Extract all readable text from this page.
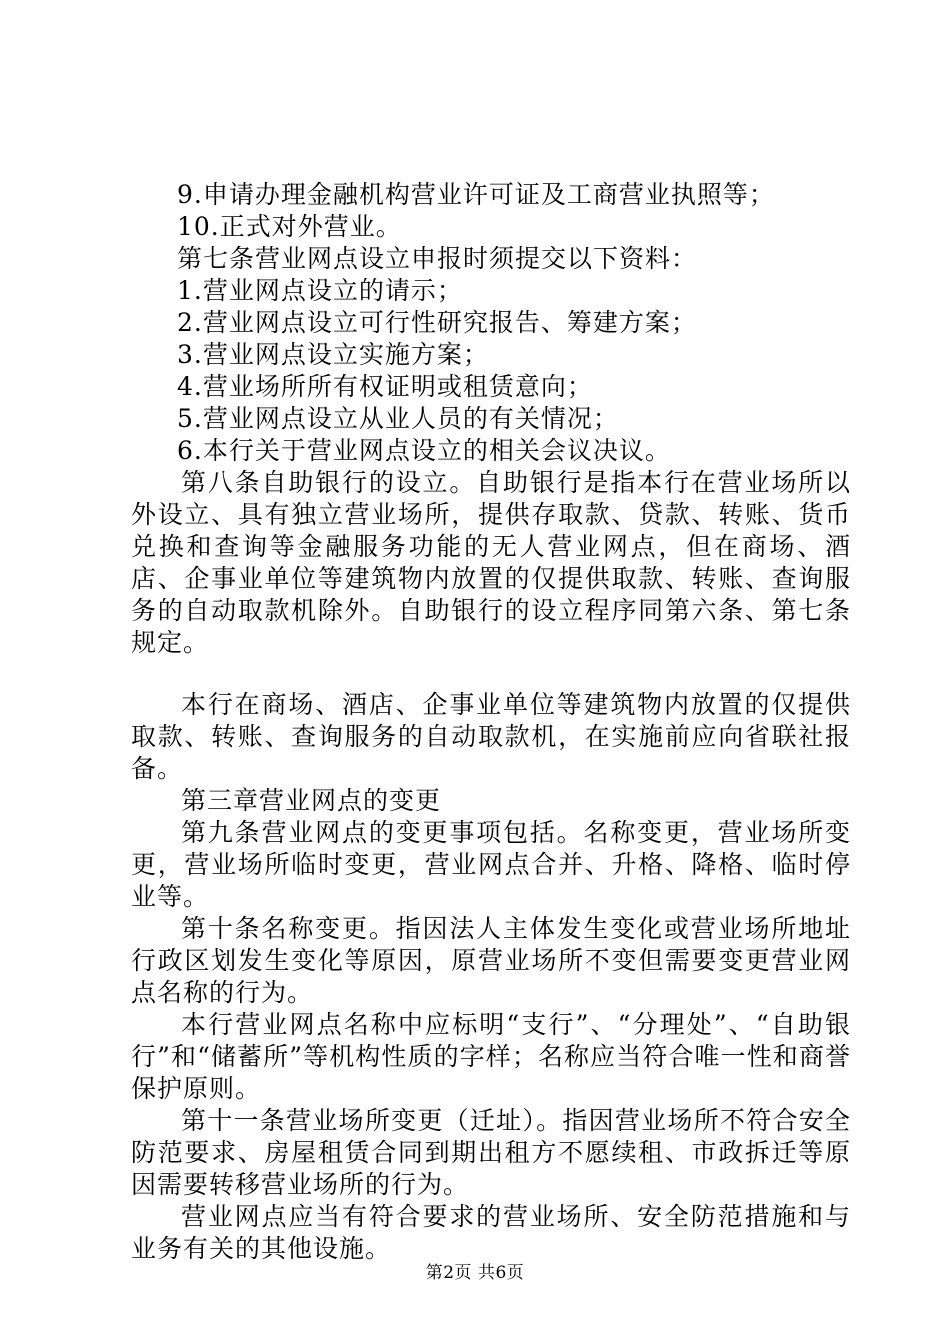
9.申请办理金融机构营业许可证及工商营业执照等；
10.正式对外营业。
第七条营业网点设立申报时须提交以下资料：
1.营业网点设立的请示；
2.营业网点设立可行性研究报告、筹建方案；
3.营业网点设立实施方案；
4.营业场所所有权证明或租赁意向；
5.营业网点设立从业人员的有关情况；
6.本行关于营业网点设立的相关会议决议。

第八条自助银行的设立。自助银行是指本行在营业场所以外设立、具有独立营业场所，提供存取款、贷款、转账、货币兑换和查询等金融服务功能的无人营业网点，但在商场、酒店、企事业单位等建筑物内放置的仅提供取款、转账、查询服务的自动取款机除外。自助银行的设立程序同第六条、第七条规定。

本行在商场、酒店、企事业单位等建筑物内放置的仅提供取款、转账、查询服务的自动取款机，在实施前应向省联社报备。

第三章营业网点的变更

第九条营业网点的变更事项包括。名称变更，营业场所变更，营业场所临时变更，营业网点合并、升格、降格、临时停业等。

第十条名称变更。指因法人主体发生变化或营业场所地址行政区划发生变化等原因，原营业场所不变但需要变更营业网点名称的行为。

本行营业网点名称中应标明“支行”、“分理处”、“自助银行”和“储蓄所”等机构性质的字样；名称应当符合唯一性和商誉保护原则。

第十一条营业场所变更（迁址）。指因营业场所不符合安全防范要求、房屋租赁合同到期出租方不愿续租、市政拆迁等原因需要转移营业场所的行为。

营业网点应当有符合要求的营业场所、安全防范措施和与业务有关的其他设施。

第2页 共6页
